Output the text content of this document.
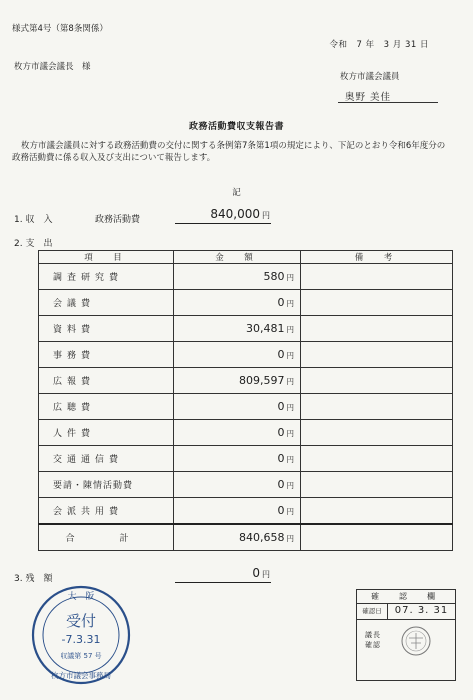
様式第4号（第8条関係）
令和　7 年　3 月 31 日
枚方市議会議長　様
枚方市議会議員
奥野 美佳
政務活動費収支報告書
枚方市議会議員に対する政務活動費の交付に関する条例第7条第1項の規定により、下記のとおり令和6年度分の政務活動費に係る収入及び支出について報告します。
記
1. 収　入	政務活動費	840,000 円
2. 支　出
項　目	金　額	備　考
調査研究費	580 円	
会議費	0 円	
資料費	30,481 円	
事務費	0 円	
広報費	809,597 円	
広聴費	0 円	
人件費	0 円	
交通通信費	0 円	
要請・陳情活動費	0 円	
会派共用費	0 円	
合　計	840,658 円	
3. 残　額	0 円
大　阪
受付
-7.3.31
収議第 57 号
枚方市議会事務局
確　認　欄
確認日	07. 3. 31
議長確認
